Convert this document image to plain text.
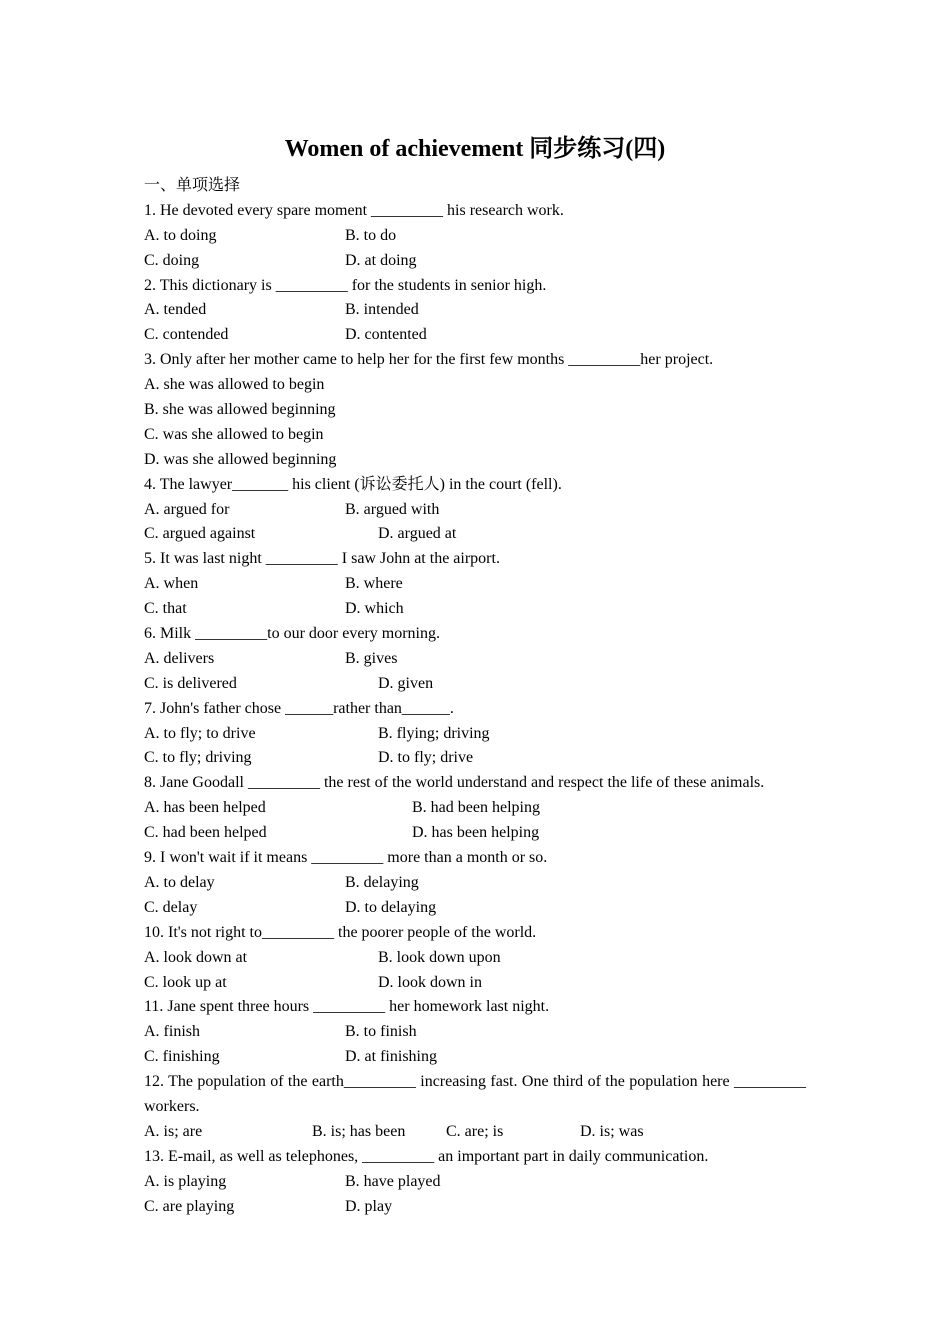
Women of achievement 同步练习(四)
一、单项选择
1. He devoted every spare moment _________ his research work.
A. to doing	B. to do
C. doing	D. at doing
2. This dictionary is _________ for the students in senior high.
A. tended	B. intended
C. contended	D. contented
3. Only after her mother came to help her for the first few months _________her project.
A. she was allowed to begin
B. she was allowed beginning
C. was she allowed to begin
D. was she allowed beginning
4. The lawyer_______ his client (诉讼委托人) in the court (fell).
A. argued for	B. argued with
C. argued against	D. argued at
5. It was last night _________ I saw John at the airport.
A. when	B. where
C. that	D. which
6. Milk _________to our door every morning.
A. delivers	B. gives
C. is delivered	D. given
7. John's father chose ______rather than______.
A. to fly; to drive	B. flying; driving
C. to fly; driving	D. to fly; drive
8. Jane Goodall _________ the rest of the world understand and respect the life of these animals.
A. has been helped	B. had been helping
C. had been helped	D. has been helping
9. I won't wait if it means _________ more than a month or so.
A. to delay	B. delaying
C. delay	D. to delaying
10. It's not right to_________ the poorer people of the world.
A. look down at	B. look down upon
C. look up at	D. look down in
11. Jane spent three hours _________ her homework last night.
A. finish	B. to finish
C. finishing	D. at finishing
12. The population of the earth_________ increasing fast. One third of the population here _________ workers.
A. is; are	B. is; has been	C. are; is	D. is; was
13. E-mail, as well as telephones, _________ an important part in daily communication.
A. is playing	B. have played
C. are playing	D. play
